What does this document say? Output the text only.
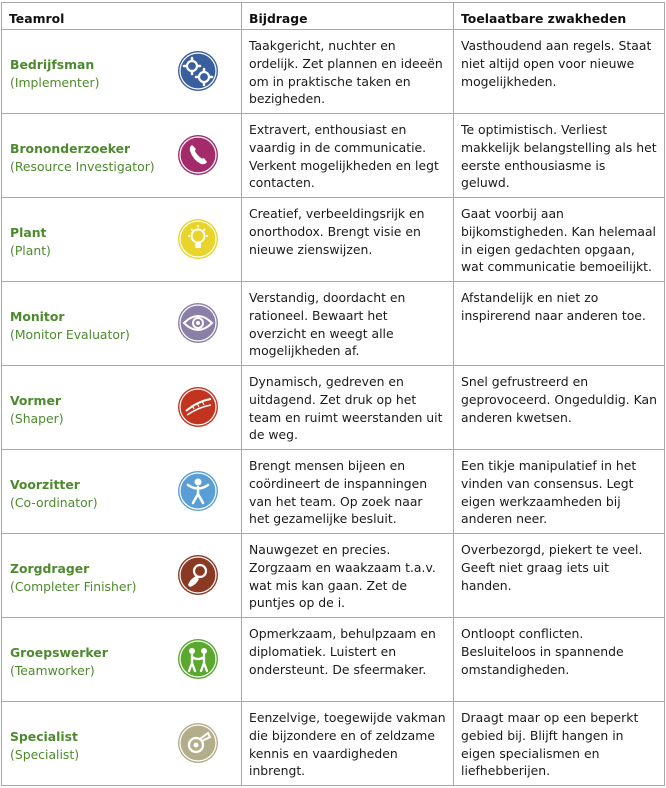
Teamrol	Bijdrage	Toelaatbare zwakheden

Bedrijfsman
(Implementer)	Taakgericht, nuchter en ordelijk. Zet plannen en ideeën om in praktische taken en bezigheden.	Vasthoudend aan regels. Staat niet altijd open voor nieuwe mogelijkheden.

Brononderzoeker
(Resource Investigator)	Extravert, enthousiast en vaardig in de communicatie. Verkent mogelijkheden en legt contacten.	Te optimistisch. Verliest makkelijk belangstelling als het eerste enthousiasme is geluwd.

Plant
(Plant)	Creatief, verbeeldingsrijk en onorthodox. Brengt visie en nieuwe zienswijzen.	Gaat voorbij aan bijkomstigheden. Kan helemaal in eigen gedachten opgaan, wat communicatie bemoeilijkt.

Monitor
(Monitor Evaluator)	Verstandig, doordacht en rationeel. Bewaart het overzicht en weegt alle mogelijkheden af.	Afstandelijk en niet zo inspirerend naar anderen toe.

Vormer
(Shaper)	Dynamisch, gedreven en uitdagend. Zet druk op het team en ruimt weerstanden uit de weg.	Snel gefrustreerd en geprovoceerd. Ongeduldig. Kan anderen kwetsen.

Voorzitter
(Co-ordinator)	Brengt mensen bijeen en coördineert de inspanningen van het team. Op zoek naar het gezamelijke besluit.	Een tikje manipulatief in het vinden van consensus. Legt eigen werkzaamheden bij anderen neer.

Zorgdrager
(Completer Finisher)	Nauwgezet en precies. Zorgzaam en waakzaam t.a.v. wat mis kan gaan. Zet de puntjes op de i.	Overbezorgd, piekert te veel. Geeft niet graag iets uit handen.

Groepswerker
(Teamworker)	Opmerkzaam, behulpzaam en diplomatiek. Luistert en ondersteunt. De sfeermaker.	Ontloopt conflicten. Besluiteloos in spannende omstandigheden.

Specialist
(Specialist)	Eenzelvige, toegewijde vakman die bijzondere en of zeldzame kennis en vaardigheden inbrengt.	Draagt maar op een beperkt gebied bij. Blijft hangen in eigen specialismen en liefhebberijen.
